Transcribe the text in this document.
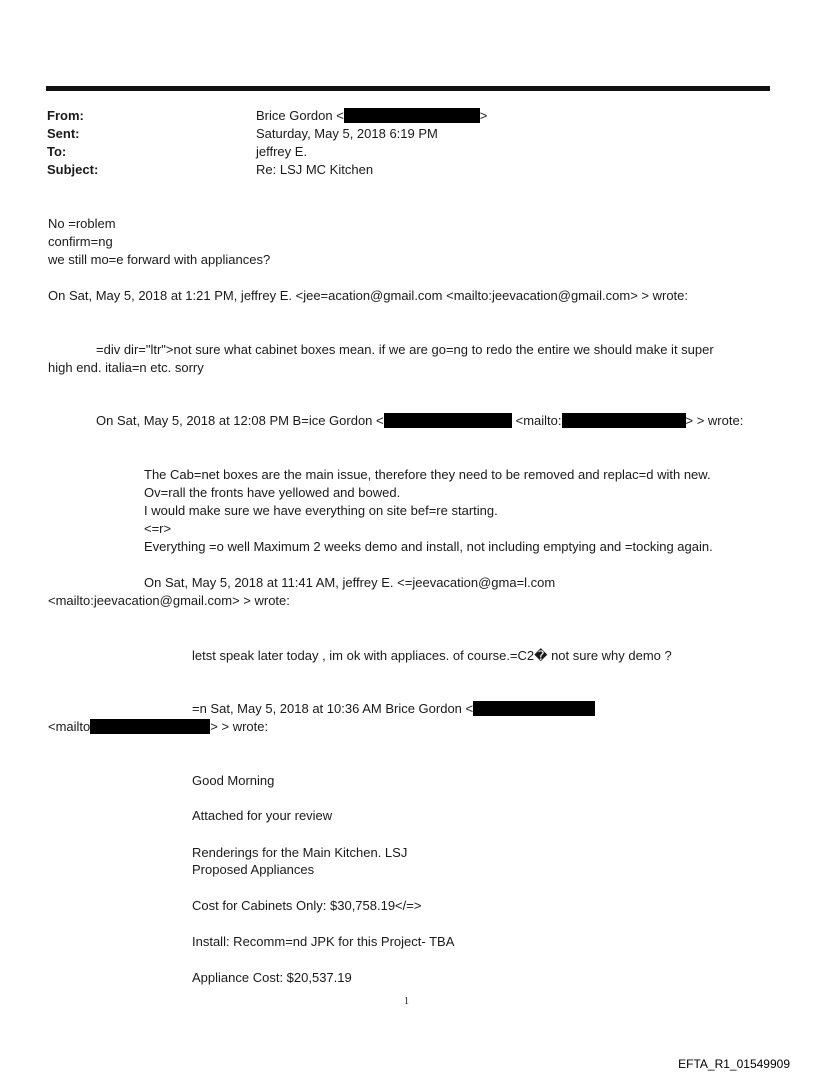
From:	Brice Gordon <	>
Sent:	Saturday, May 5, 2018 6:19 PM
To:	jeffrey E.
Subject:	Re: LSJ MC Kitchen
No =roblem
confirm=ng
we still mo=e forward with appliances?
On Sat, May 5, 2018 at 1:21 PM, jeffrey E. <jee=acation@gmail.com <mailto:jeevacation@gmail.com> > wrote:
=div dir="ltr">not sure what cabinet boxes mean. if we are go=ng to redo the entire we should make it super
high end. italia=n etc. sorry
On Sat, May 5, 2018 at 12:08 PM B=ice Gordon <	<mailto:	> > wrote:
The Cab=net boxes are the main issue, therefore they need to be removed and replac=d with new.
Ov=rall the fronts have yellowed and bowed.
I would make sure we have everything on site bef=re starting.
<=r>
Everything =o well Maximum 2 weeks demo and install, not including emptying and =tocking again.
On Sat, May 5, 2018 at 11:41 AM, jeffrey E. <=jeevacation@gma=l.com
<mailto:jeevacation@gmail.com> > wrote:
letst speak later today , im ok with appliaces. of course.=C2� not sure why demo ?
=n Sat, May 5, 2018 at 10:36 AM Brice Gordon <
<mailto	> > wrote:
Good Morning
Attached for your review
Renderings for the Main Kitchen. LSJ
Proposed Appliances
Cost for Cabinets Only: $30,758.19</=>
Install: Recomm=nd JPK for this Project- TBA
Appliance Cost: $20,537.19
1
EFTA_R1_01549909
